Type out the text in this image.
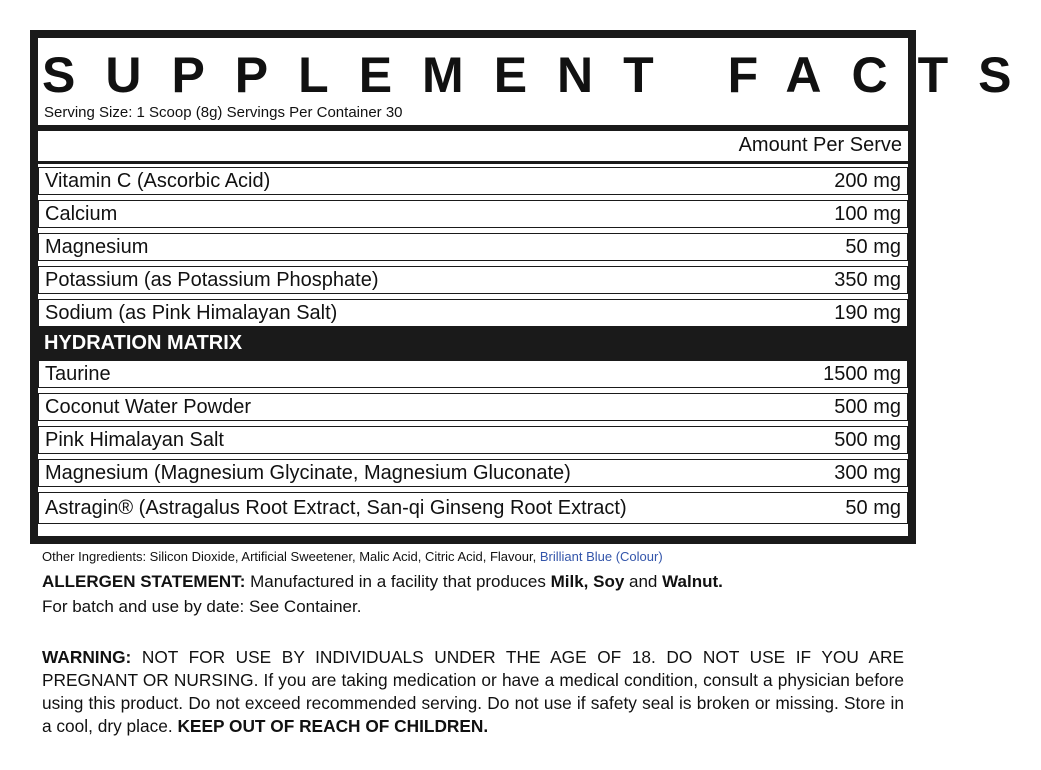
SUPPLEMENT FACTS
Serving Size: 1 Scoop (8g) Servings Per Container 30
Amount Per Serve
Vitamin C (Ascorbic Acid)	200 mg
Calcium	100 mg
Magnesium	50 mg
Potassium (as Potassium Phosphate)	350 mg
Sodium (as Pink Himalayan Salt)	190 mg
HYDRATION MATRIX
Taurine	1500 mg
Coconut Water Powder	500 mg
Pink Himalayan Salt	500 mg
Magnesium (Magnesium Glycinate, Magnesium Gluconate)	300 mg
Astragin® (Astragalus Root Extract, San-qi Ginseng Root Extract)	50 mg
Other Ingredients: Silicon Dioxide, Artificial Sweetener, Malic Acid, Citric Acid, Flavour, Brilliant Blue (Colour)
ALLERGEN STATEMENT: Manufactured in a facility that produces Milk, Soy and Walnut.
For batch and use by date: See Container.
WARNING: NOT FOR USE BY INDIVIDUALS UNDER THE AGE OF 18. DO NOT USE IF YOU ARE PREGNANT OR NURSING. If you are taking medication or have a medical condition, consult a physician before using this product. Do not exceed recommended serving. Do not use if safety seal is broken or missing. Store in a cool, dry place. KEEP OUT OF REACH OF CHILDREN.
